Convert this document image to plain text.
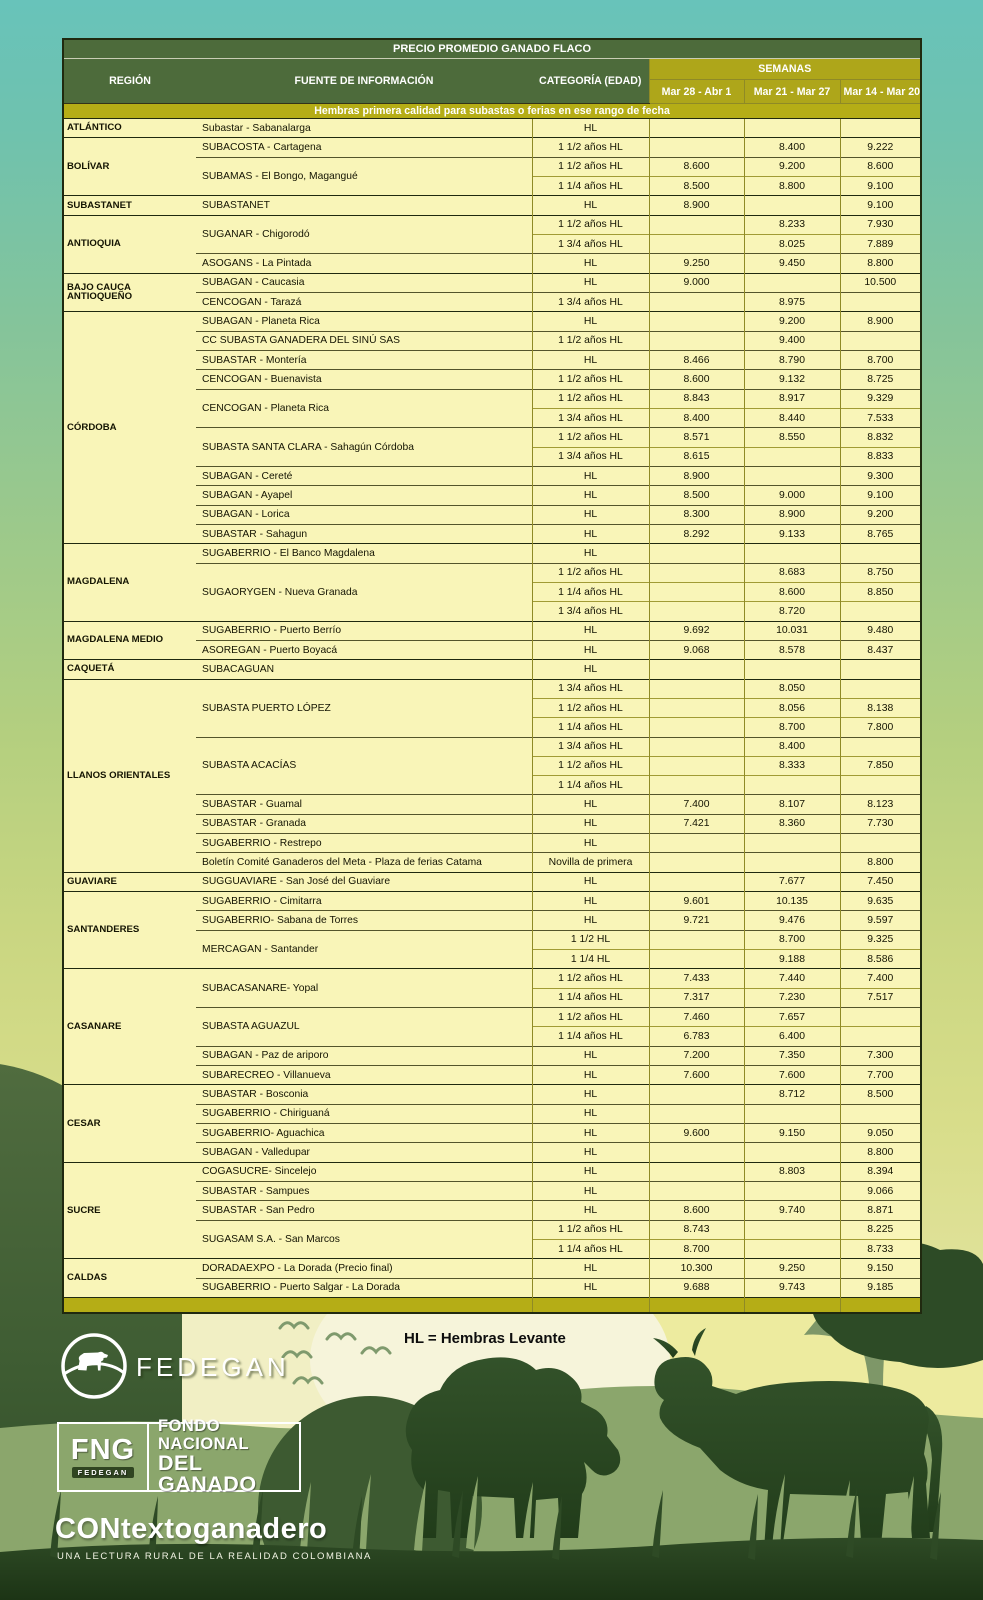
PRECIO PROMEDIO GANADO FLACO					
REGIÓN	FUENTE DE INFORMACIÓN	CATEGORÍA (EDAD)	SEMANAS		
			Mar 28 - Abr 1	Mar 21 - Mar 27	Mar 14 - Mar 20
Hembras primera calidad para subastas o ferias en ese rango de fecha					
ATLÁNTICO	Subastar - Sabanalarga	HL			
BOLÍVAR	SUBACOSTA - Cartagena	1 1/2 años HL		8.400	9.222
	SUBAMAS - El Bongo, Magangué	1 1/2 años HL	8.600	9.200	8.600
		1 1/4 años HL	8.500	8.800	9.100
SUBASTANET	SUBASTANET	HL	8.900		9.100
ANTIOQUIA	SUGANAR - Chigorodó	1 1/2 años HL		8.233	7.930
		1 3/4 años HL		8.025	7.889
	ASOGANS - La Pintada	HL	9.250	9.450	8.800
BAJO CAUCA ANTIOQUEÑO	SUBAGAN - Caucasia	HL	9.000		10.500
	CENCOGAN - Tarazá	1 3/4 años HL		8.975	
CÓRDOBA	SUBAGAN - Planeta Rica	HL		9.200	8.900
	CC SUBASTA GANADERA DEL SINÚ SAS	1 1/2 años HL		9.400	
	SUBASTAR - Montería	HL	8.466	8.790	8.700
	CENCOGAN - Buenavista	1 1/2 años HL	8.600	9.132	8.725
	CENCOGAN - Planeta Rica	1 1/2 años HL	8.843	8.917	9.329
		1 3/4 años HL	8.400	8.440	7.533
	SUBASTA SANTA CLARA - Sahagún Córdoba	1 1/2 años HL	8.571	8.550	8.832
		1 3/4 años HL	8.615		8.833
	SUBAGAN - Cereté	HL	8.900		9.300
	SUBAGAN - Ayapel	HL	8.500	9.000	9.100
	SUBAGAN - Lorica	HL	8.300	8.900	9.200
	SUBASTAR - Sahagun	HL	8.292	9.133	8.765
MAGDALENA	SUGABERRIO - El Banco Magdalena	HL			
	SUGAORYGEN - Nueva Granada	1 1/2 años HL		8.683	8.750
		1 1/4 años HL		8.600	8.850
		1 3/4 años HL		8.720	
MAGDALENA MEDIO	SUGABERRIO - Puerto Berrío	HL	9.692	10.031	9.480
	ASOREGAN - Puerto Boyacá	HL	9.068	8.578	8.437
CAQUETÁ	SUBACAGUAN	HL			
LLANOS ORIENTALES	SUBASTA PUERTO LÓPEZ	1 3/4 años HL		8.050	
		1 1/2 años HL		8.056	8.138
		1 1/4 años HL		8.700	7.800
	SUBASTA ACACÍAS	1 3/4 años HL		8.400	
		1 1/2 años HL		8.333	7.850
		1 1/4 años HL			
	SUBASTAR - Guamal	HL	7.400	8.107	8.123
	SUBASTAR - Granada	HL	7.421	8.360	7.730
	SUGABERRIO - Restrepo	HL			
	Boletín Comité Ganaderos del Meta - Plaza de ferias Catama	Novilla de primera			8.800
GUAVIARE	SUGGUAVIARE - San José del Guaviare	HL		7.677	7.450
SANTANDERES	SUGABERRIO - Cimitarra	HL	9.601	10.135	9.635
	SUGABERRIO- Sabana de Torres	HL	9.721	9.476	9.597
	MERCAGAN - Santander	1 1/2 HL		8.700	9.325
		1 1/4 HL		9.188	8.586
CASANARE	SUBACASANARE- Yopal	1 1/2 años HL	7.433	7.440	7.400
		1 1/4 años HL	7.317	7.230	7.517
	SUBASTA AGUAZUL	1 1/2 años HL	7.460	7.657	
		1 1/4 años HL	6.783	6.400	
	SUBAGAN - Paz de ariporo	HL	7.200	7.350	7.300
	SUBARECREO - Villanueva	HL	7.600	7.600	7.700
CESAR	SUBASTAR - Bosconia	HL		8.712	8.500
	SUGABERRIO - Chiriguaná	HL			
	SUGABERRIO- Aguachica	HL	9.600	9.150	9.050
	SUBAGAN - Valledupar	HL			8.800
SUCRE	COGASUCRE- Sincelejo	HL		8.803	8.394
	SUBASTAR - Sampues	HL			9.066
	SUBASTAR - San Pedro	HL	8.600	9.740	8.871
	SUGASAM S.A. - San Marcos	1 1/2 años HL	8.743		8.225
		1 1/4 años HL	8.700		8.733
CALDAS	DORADAEXPO - La Dorada (Precio final)	HL	10.300	9.250	9.150
	SUGABERRIO - Puerto Salgar - La Dorada	HL	9.688	9.743	9.185

FEDEGAN
HL = Hembras Levante
FNG
FEDEGAN
FONDO NACIONAL
DEL GANADO
CONtextoganadero
UNA LECTURA RURAL DE LA REALIDAD COLOMBIANA
